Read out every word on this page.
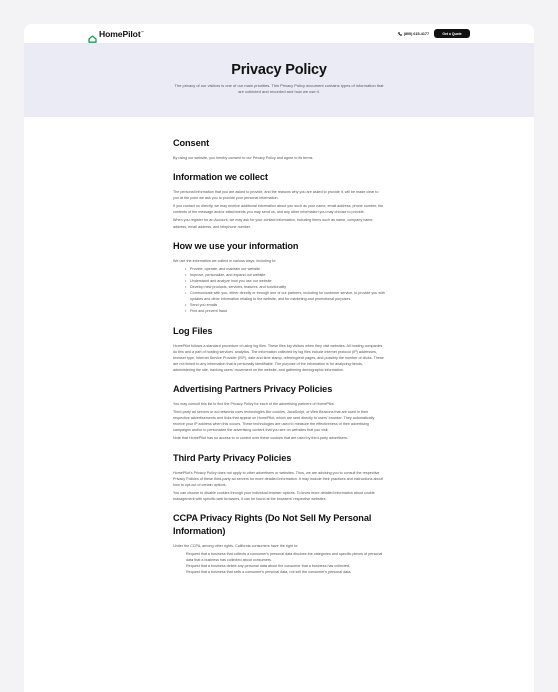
HomePilot™	(800) 615-4177	Get a Quote
Privacy Policy

The privacy of our visitors is one of our main priorities. This Privacy Policy document contains types of information that are collected and recorded and how we use it.

Consent

By using our website, you hereby consent to our Privacy Policy and agree to its terms.

Information we collect

The personal information that you are asked to provide, and the reasons why you are asked to provide it, will be made clear to you at the point we ask you to provide your personal information.

If you contact us directly, we may receive additional information about you such as your name, email address, phone number, the contents of the message and/or attachments you may send us, and any other information you may choose to provide.

When you register for an Account, we may ask for your contact information, including items such as name, company name, address, email address, and telephone number.

How we use your information

We use the information we collect in various ways, including to:

• Provide, operate, and maintain our website
• Improve, personalize, and expand our website
• Understand and analyze how you use our website
• Develop new products, services, features, and functionality
• Communicate with you, either directly or through one of our partners, including for customer service, to provide you with updates and other information relating to the website, and for marketing and promotional purposes
• Send you emails
• Find and prevent fraud
Log Files

HomePilot follows a standard procedure of using log files. These files log visitors when they visit websites. All hosting companies do this and a part of hosting services' analytics. The information collected by log files include internet protocol (IP) addresses, browser type, Internet Service Provider (ISP), date and time stamp, referring/exit pages, and possibly the number of clicks. These are not linked to any information that is personally identifiable. The purpose of the information is for analyzing trends, administering the site, tracking users' movement on the website, and gathering demographic information.

Advertising Partners Privacy Policies

You may consult this list to find the Privacy Policy for each of the advertising partners of HomePilot.

Third-party ad servers or ad networks uses technologies like cookies, JavaScript, or Web Beacons that are used in their respective advertisements and links that appear on HomePilot, which are sent directly to users' browser. They automatically receive your IP address when this occurs. These technologies are used to measure the effectiveness of their advertising campaigns and/or to personalize the advertising content that you see on websites that you visit.

Note that HomePilot has no access to or control over these cookies that are used by third-party advertisers.

Third Party Privacy Policies

HomePilot's Privacy Policy does not apply to other advertisers or websites. Thus, we are advising you to consult the respective Privacy Policies of these third-party ad servers for more detailed information. It may include their practices and instructions about how to opt-out of certain options.

You can choose to disable cookies through your individual browser options. To know more detailed information about cookie management with specific web browsers, it can be found at the browsers' respective websites.

CCPA Privacy Rights (Do Not Sell My Personal Information)

Under the CCPA, among other rights, California consumers have the right to:

Request that a business that collects a consumer's personal data disclose the categories and specific pieces of personal data that a business has collected about consumers.
Request that a business delete any personal data about the consumer that a business has collected.
Request that a business that sells a consumer's personal data, not sell the consumer's personal data.
